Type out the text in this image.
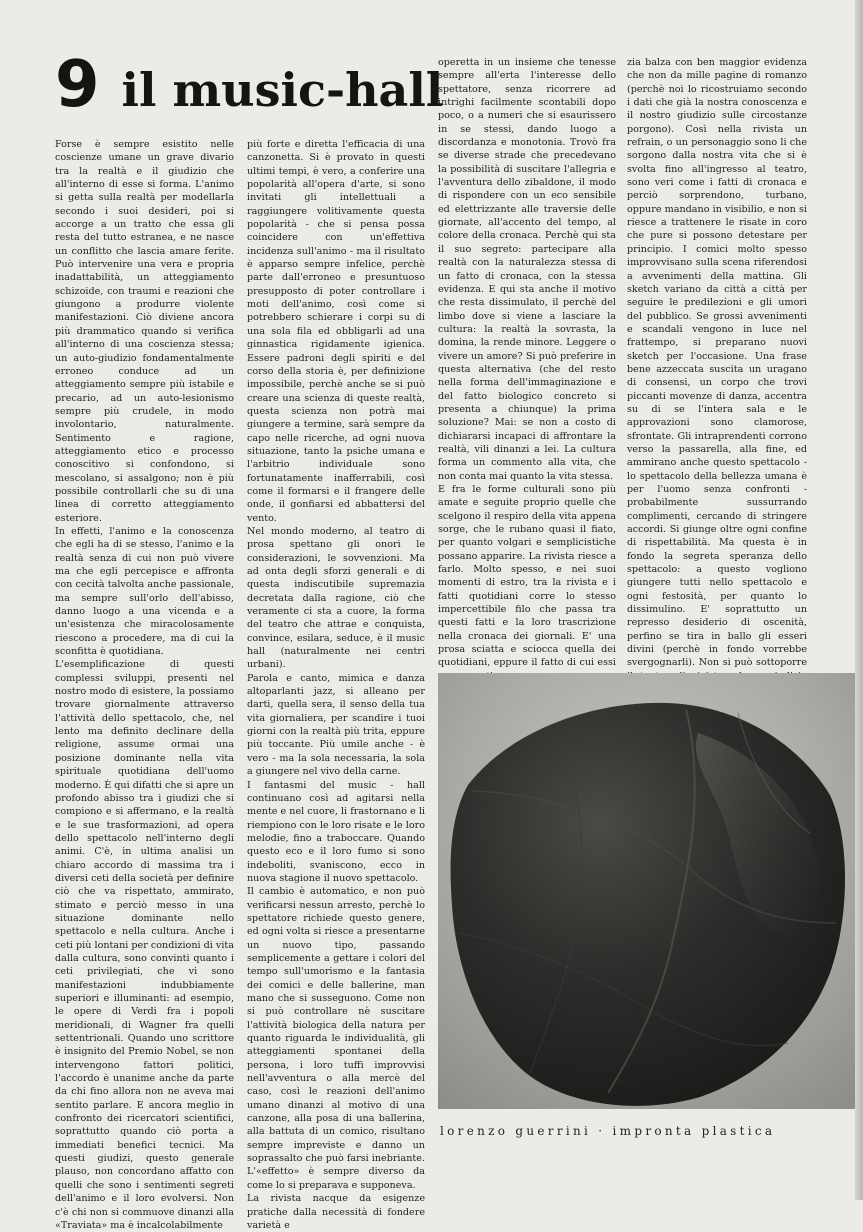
9 il music-hall

Forse è sempre esistito nelle coscienze umane un grave divario tra la realtà e il giudizio che all'interno di esse si forma. L'animo si getta sulla realtà per modellarla secondo i suoi desideri, poi si accorge a un tratto che essa gli resta del tutto estranea, e ne nasce un conflitto che lascia amare ferite. Può intervenire una vera e propria inadattabilità, un atteggiamento schizoide, con traumi e reazioni che giungono a produrre violente manifestazioni. Ciò diviene ancora più drammatico quando si verifica all'interno di una coscienza stessa; un auto-giudizio fondamentalmente erroneo conduce ad un atteggiamento sempre più istabile e precario, ad un auto-lesionismo sempre più crudele, in modo involontario, naturalmente. Sentimento e ragione, atteggiamento etico e processo conoscitivo si confondono, si mescolano, si assalgono; non è più possibile controllarli che su di una linea di corretto atteggiamento esteriore.

In effetti, l'animo e la conoscenza che egli ha di se stesso, l'animo e la realtà senza di cui non può vivere ma che egli percepisce e affronta con cecità talvolta anche passionale, ma sempre sull'orlo dell'abisso, danno luogo a una vicenda e a un'esistenza che miracolosamente riescono a procedere, ma di cui la sconfitta è quotidiana.

L'esemplificazione di questi complessi sviluppi, presenti nel nostro modo di esistere, la possiamo trovare giornalmente attraverso l'attività dello spettacolo, che, nel lento ma definito declinare della religione, assume ormai una posizione dominante nella vita spirituale quotidiana dell'uomo moderno. È qui difatti che si apre un profondo abisso tra i giudizi che si compiono e si affermano, e la realtà e le sue trasformazioni, ad opera dello spettacolo nell'interno degli animi. C'è, in ultima analisi un chiaro accordo di massima tra i diversi ceti della società per definire ciò che va rispettato, ammirato, stimato e perciò messo in una situazione dominante nello spettacolo e nella cultura. Anche i ceti più lontani per condizioni di vita dalla cultura, sono convinti quanto i ceti privilegiati, che vi sono manifestazioni indubbiamente superiori e illuminanti: ad esempio, le opere di Verdi fra i popoli meridionali, di Wagner fra quelli settentrionali. Quando uno scrittore è insignito del Premio Nobel, se non intervengono fattori politici, l'accordo è unanime anche da parte da chi fino allora non ne aveva mai sentito parlare. E ancora meglio in confronto dei ricercatori scientifici, soprattutto quando ciò porta a immediati benefici tecnici. Ma questi giudizi, questo generale plauso, non concordano affatto con quelli che sono i sentimenti segreti dell'animo e il loro evolversi. Non c'è chi non si commuove dinanzi alla «Traviata» ma è incalcolabilmente

più forte e diretta l'efficacia di una canzonetta. Si è provato in questi ultimi tempi, è vero, a conferire una popolarità all'opera d'arte, si sono invitati gli intellettuali a raggiungere volitivamente questa popolarità - che si pensa possa coincidere con un'effettiva incidenza sull'animo - ma il risultato è apparso sempre infelice, perchè parte dall'erroneo e presuntuoso presupposto di poter controllare i moti dell'animo, così come si potrebbero schierare i corpi su di una sola fila ed obbligarli ad una ginnastica rigidamente igienica. Essere padroni degli spiriti e del corso della storia è, per definizione impossibile, perchè anche se si può creare una scienza di queste realtà, questa scienza non potrà mai giungere a termine, sarà sempre da capo nelle ricerche, ad ogni nuova situazione, tanto la psiche umana e l'arbitrio individuale sono fortunatamente inafferrabili, così come il formarsi e il frangere delle onde, il gonfiarsi ed abbattersi del vento.

Nel mondo moderno, al teatro di prosa spettano gli onori le considerazioni, le sovvenzioni. Ma ad onta degli sforzi generali e di questa indiscutibile supremazia decretata dalla ragione, ciò che veramente ci sta a cuore, la forma del teatro che attrae e conquista, convince, esilara, seduce, è il music hall (naturalmente nei centri urbani).

Parola e canto, mimica e danza altoparlanti jazz, si alleano per darti, quella sera, il senso della tua vita giornaliera, per scandire i tuoi giorni con la realtà più trita, eppure più toccante. Più umile anche - è vero - ma la sola necessaria, la sola a giungere nel vivo della carne.

I fantasmi del music - hall continuano così ad agitarsi nella mente e nel cuore, li frastornano e li riempiono con le loro risate e le loro melodie, fino a traboccare. Quando questo eco e il loro fumo si sono indeboliti, svaniscono, ecco in nuova stagione il nuovo spettacolo.

Il cambio è automatico, e non può verificarsi nessun arresto, perchè lo spettatore richiede questo genere, ed ogni volta si riesce a presentarne un nuovo tipo, passando semplicemente a gettare i colori del tempo sull'umorismo e la fantasia dei comici e delle ballerine, man mano che si susseguono. Come non si può controllare nè suscitare l'attività biologica della natura per quanto riguarda le individualità, gli atteggiamenti spontanei della persona, i loro tuffi improvvisi nell'avventura o alla mercè del caso, così le reazioni dell'animo umano dinanzi al motivo di una canzone, alla posa di una ballerina, alla battuta di un comico, risultano sempre impreviste e danno un soprassalto che può farsi inebriante. L'«effetto» è sempre diverso da come lo si preparava e supponeva.

La rivista nacque da esigenze pratiche dalla necessità di fondere varietà e

operetta in un insieme che tenesse sempre all'erta l'interesse dello spettatore, senza ricorrere ad intrighi facilmente scontabili dopo poco, o a numeri che si esaurissero in se stessi, dando luogo a discordanza e monotonia. Trovò fra se diverse strade che precedevano la possibilità di suscitare l'allegria e l'avventura dello zibaldone, il modo di rispondere con un eco sensibile ed elettrizzante alle traversie delle giornate, all'accento del tempo, al colore della cronaca. Perchè qui sta il suo segreto: partecipare alla realtà con la naturalezza stessa di un fatto di cronaca, con la stessa evidenza. E qui sta anche il motivo che resta dissimulato, il perchè del limbo dove si viene a lasciare la cultura: la realtà la sovrasta, la domina, la rende minore. Leggere o vivere un amore? Si può preferire in questa alternativa (che del resto nella forma dell'immaginazione e del fatto biologico concreto si presenta a chiunque) la prima soluzione? Mai: se non a costo di dichiararsi incapaci di affrontare la realtà, vili dinanzi a lei. La cultura forma un commento alla vita, che non conta mai quanto la vita stessa.

E fra le forme culturali sono più amate e seguite proprio quelle che scelgono il respiro della vita appena sorge, che le rubano quasi il fiato, per quanto volgari e semplicistiche possano apparire. La rivista riesce a farlo. Molto spesso, e nei suoi momenti di estro, tra la rivista e i fatti quotidiani corre lo stesso impercettibile filo che passa tra questi fatti e la loro trascrizione nella cronaca dei giornali. E' una prosa sciatta e sciocca quella dei quotidiani, eppure il fatto di cui essi

zia balza con ben maggior evidenza che non da mille pagine di romanzo (perchè noi lo ricostruiamo secondo i dati che già la nostra conoscenza e il nostro giudizio sulle circostanze porgono). Così nella rivista un refrain, o un personaggio sono li che sorgono dalla nostra vita che si è svolta fino all'ingresso al teatro, sono veri come i fatti di cronaca e perciò sorprendono, turbano, oppure mandano in visibilio, e non si riesce a trattenere le risate in coro che pure si possono detestare per principio. I comici molto spesso improvvisano sulla scena riferendosi a avvenimenti della mattina. Gli sketch variano da città a città per seguire le predilezioni e gli umori del pubblico. Se grossi avvenimenti e scandali vengono in luce nel frattempo, si preparano nuovi sketch per l'occasione. Una frase bene azzeccata suscita un uragano di consensi, un corpo che trovi piccanti movenze di danza, accentra su di se l'intera sala e le approvazioni sono clamorose, sfrontate. Gli intraprendenti corrono verso la passarella, alla fine, ed ammirano anche questo spettacolo - lo spettacolo della bellezza umana è per l'uomo senza confronti - probabilmente sussurrando complimenti, cercando di stringere accordi. Si giunge oltre ogni confine di rispettabilità. Ma questa è in fondo la segreta speranza dello spettacolo: a questo vogliono giungere tutti nello spettacolo e ogni festosità, per quanto lo dissimulino. E' soprattutto un represso desiderio di oscenità, perfino se tira in ballo gli esseri divini (perchè in fondo vorrebbe svergognarli). Non si può sottoporre

lorenzo guerrini · impronta plastica
